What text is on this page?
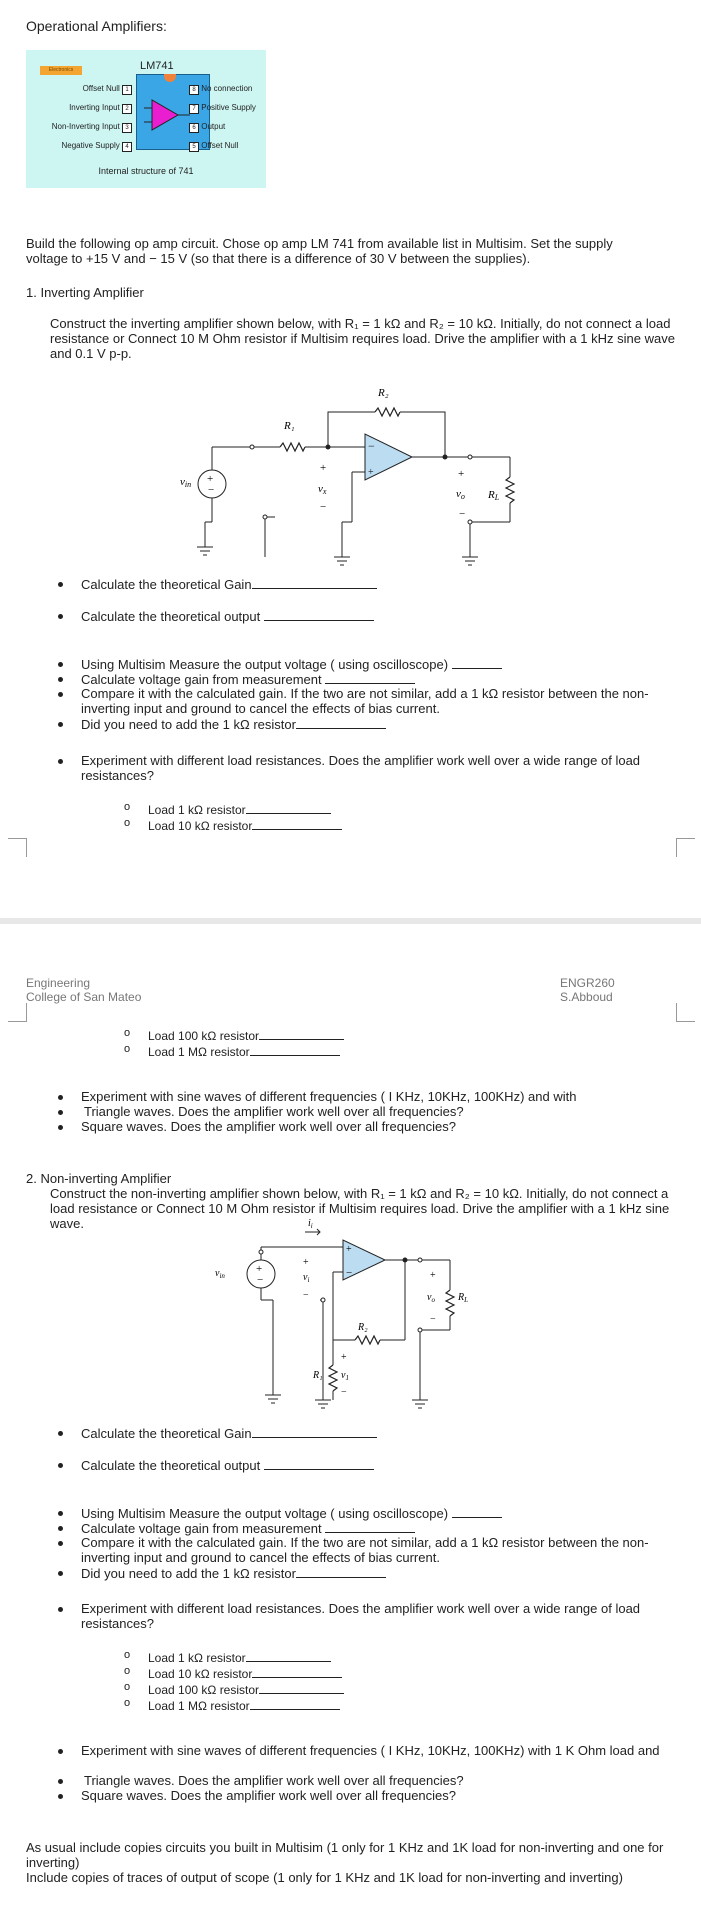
Operational Amplifiers:
Electronics	LM741
Offset Null 1
Inverting Input 2
Non-Inverting Input 3
Negative Supply 4
8 No connection
7 Positive Supply
6 Output
5 Offset Null
Internal structure of 741
Build the following op amp circuit. Chose op amp LM 741 from available list in Multisim. Set the supply voltage to +15 V and − 15 V (so that there is a difference of 30 V between the supplies).
1. Inverting Amplifier
Construct the inverting amplifier shown below, with R₁ = 1 kΩ and R₂ = 10 kΩ. Initially, do not connect a load resistance or Connect 10 M Ohm resistor if Multisim requires load. Drive the amplifier with a 1 kHz sine wave and 0.1 V p-p.
+
−
−
+
R₂
R₁
vin	vx
+
−
vo
+
−
RL
Calculate the theoretical Gain
Calculate the theoretical output
Using Multisim Measure the output voltage ( using oscilloscope)
Calculate voltage gain from measurement
Compare it with the calculated gain. If the two are not similar, add a 1 kΩ resistor between the non-inverting input and ground to cancel the effects of bias current.
Did you need to add the 1 kΩ resistor
Experiment with different load resistances. Does the amplifier work well over a wide range of load resistances?
o Load 1 kΩ resistor
o Load 10 kΩ resistor
Engineering
College of San Mateo
ENGR260
S.Abboud
o Load 100 kΩ resistor
o Load 1 MΩ resistor
Experiment with sine waves of different frequencies ( I KHz, 10KHz, 100KHz) and with
Triangle waves. Does the amplifier work well over all frequencies?
Square waves. Does the amplifier work well over all frequencies?
2. Non-inverting Amplifier
Construct the non-inverting amplifier shown below, with R₁ = 1 kΩ and R₂ = 10 kΩ. Initially, do not connect a load resistance or Connect 10 M Ohm resistor if Multisim requires load. Drive the amplifier with a 1 kHz sine wave.
+
−
+
−
$i_i$
$v_{in}$
+
$v_i$
−
+
$v_o$
−
$R_L$
R₂
R₁
+
$v_1$
−
Calculate the theoretical Gain
Calculate the theoretical output
Using Multisim Measure the output voltage ( using oscilloscope)
Calculate voltage gain from measurement
Compare it with the calculated gain. If the two are not similar, add a 1 kΩ resistor between the non-inverting input and ground to cancel the effects of bias current.
Did you need to add the 1 kΩ resistor
Experiment with different load resistances. Does the amplifier work well over a wide range of load resistances?
o Load 1 kΩ resistor
o Load 10 kΩ resistor
o Load 100 kΩ resistor
o Load 1 MΩ resistor
Experiment with sine waves of different frequencies ( I KHz, 10KHz, 100KHz) with 1 K Ohm load and
Triangle waves. Does the amplifier work well over all frequencies?
Square waves. Does the amplifier work well over all frequencies?
As usual include copies circuits you built in Multisim (1 only for 1 KHz and 1K load for non-inverting and one for inverting)
Include copies of traces of output of scope (1 only for 1 KHz and 1K load for non-inverting and inverting)
